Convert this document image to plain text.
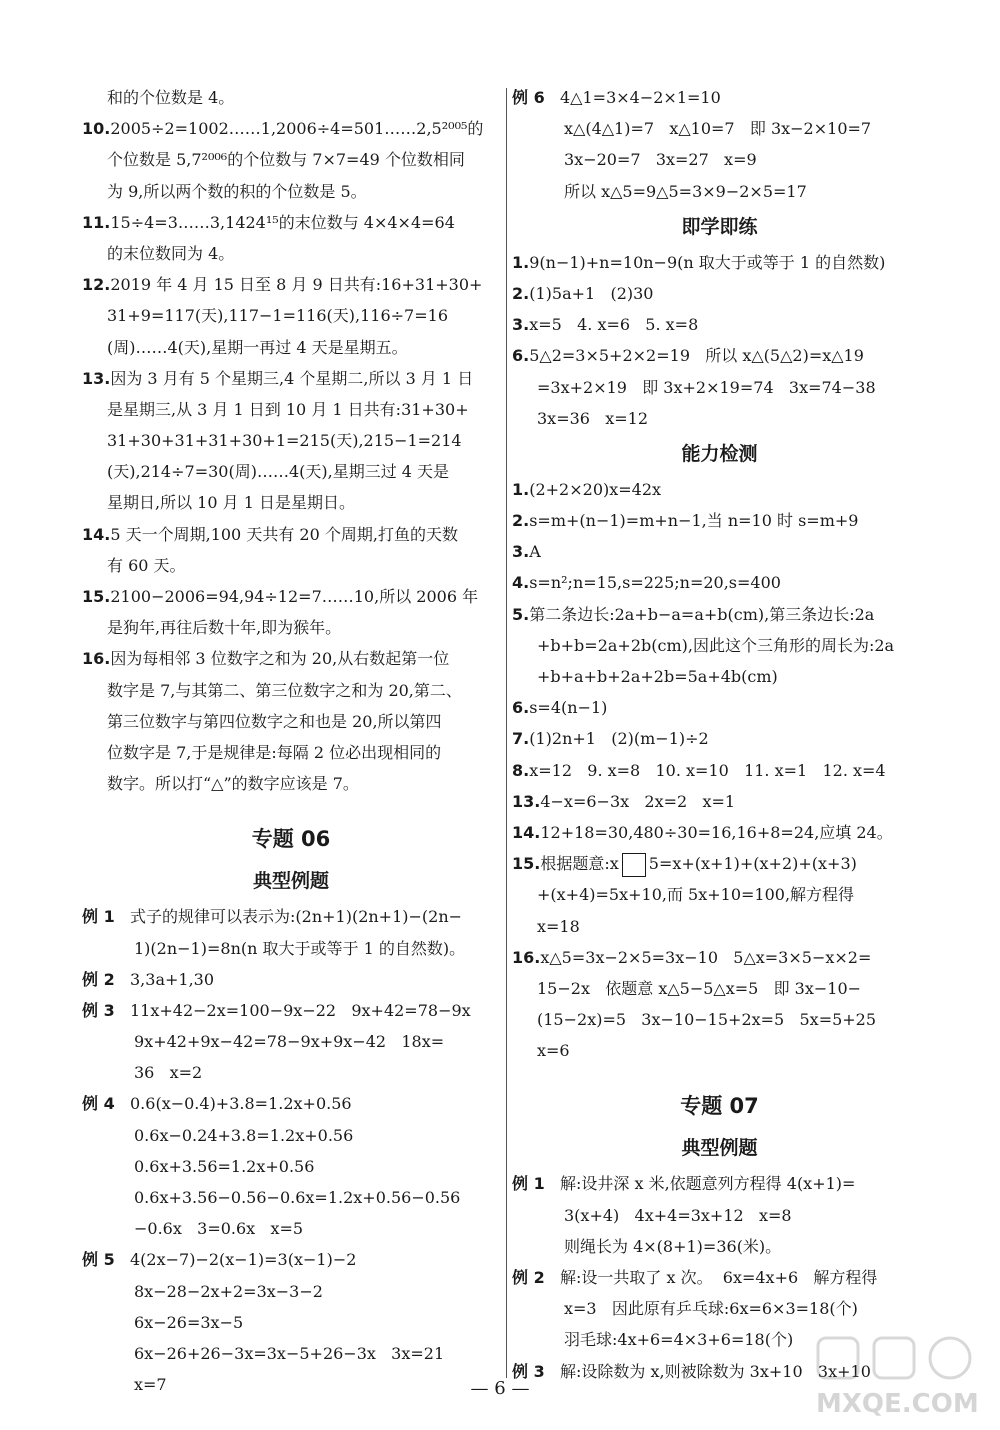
和的个位数是 4。
10.2005÷2=1002……1,2006÷4=501……2,5²⁰⁰⁵的
个位数是 5,7²⁰⁰⁶的个位数与 7×7=49 个位数相同
为 9,所以两个数的积的个位数是 5。
11.15÷4=3……3,1424¹⁵的末位数与 4×4×4=64
的末位数同为 4。
12.2019 年 4 月 15 日至 8 月 9 日共有:16+31+30+
31+9=117(天),117−1=116(天),116÷7=16
(周)……4(天),星期一再过 4 天是星期五。
13.因为 3 月有 5 个星期三,4 个星期二,所以 3 月 1 日
是星期三,从 3 月 1 日到 10 月 1 日共有:31+30+
31+30+31+31+30+1=215(天),215−1=214
(天),214÷7=30(周)……4(天),星期三过 4 天是
星期日,所以 10 月 1 日是星期日。
14.5 天一个周期,100 天共有 20 个周期,打鱼的天数
有 60 天。
15.2100−2006=94,94÷12=7……10,所以 2006 年
是狗年,再往后数十年,即为猴年。
16.因为每相邻 3 位数字之和为 20,从右数起第一位
数字是 7,与其第二、第三位数字之和为 20,第二、
第三位数字与第四位数字之和也是 20,所以第四
位数字是 7,于是规律是:每隔 2 位必出现相同的
数字。所以打“△”的数字应该是 7。
专题 06
典型例题
例 1 式子的规律可以表示为:(2n+1)(2n+1)−(2n−
1)(2n−1)=8n(n 取大于或等于 1 的自然数)。
例 2 3,3a+1,30
例 3 11x+42−2x=100−9x−22   9x+42=78−9x
9x+42+9x−42=78−9x+9x−42   18x=
36   x=2
例 4 0.6(x−0.4)+3.8=1.2x+0.56
0.6x−0.24+3.8=1.2x+0.56
0.6x+3.56=1.2x+0.56
0.6x+3.56−0.56−0.6x=1.2x+0.56−0.56
−0.6x   3=0.6x   x=5
例 5 4(2x−7)−2(x−1)=3(x−1)−2
8x−28−2x+2=3x−3−2
6x−26=3x−5
6x−26+26−3x=3x−5+26−3x   3x=21
x=7
例 6 4△1=3×4−2×1=10
x△(4△1)=7   x△10=7   即 3x−2×10=7
3x−20=7   3x=27   x=9
所以 x△5=9△5=3×9−2×5=17
即学即练
1.9(n−1)+n=10n−9(n 取大于或等于 1 的自然数)
2.(1)5a+1   (2)30
3.x=5   4. x=6   5. x=8
6.5△2=3×5+2×2=19   所以 x△(5△2)=x△19
=3x+2×19   即 3x+2×19=74   3x=74−38
3x=36   x=12
能力检测
1.(2+2×20)x=42x
2.s=m+(n−1)=m+n−1,当 n=10 时 s=m+9
3.A
4.s=n²;n=15,s=225;n=20,s=400
5.第二条边长:2a+b−a=a+b(cm),第三条边长:2a
+b+b=2a+2b(cm),因此这个三角形的周长为:2a
+b+a+b+2a+2b=5a+4b(cm)
6.s=4(n−1)
7.(1)2n+1   (2)(m−1)÷2
8.x=12   9. x=8   10. x=10   11. x=1   12. x=4
13.4−x=6−3x   2x=2   x=1
14.12+18=30,480÷30=16,16+8=24,应填 24。
15.根据题意:x 5=x+(x+1)+(x+2)+(x+3)
+(x+4)=5x+10,而 5x+10=100,解方程得
x=18
16.x△5=3x−2×5=3x−10   5△x=3×5−x×2=
15−2x   依题意 x△5−5△x=5   即 3x−10−
(15−2x)=5   3x−10−15+2x=5   5x=5+25
x=6
专题 07
典型例题
例 1 解:设井深 x 米,依题意列方程得 4(x+1)=
3(x+4)   4x+4=3x+12   x=8
则绳长为 4×(8+1)=36(米)。
例 2 解:设一共取了 x 次。  6x=4x+6   解方程得
x=3   因此原有乒乓球:6x=6×3=18(个)
羽毛球:4x+6=4×3+6=18(个)
例 3 解:设除数为 x,则被除数为 3x+10   3x+10
— 6 —
MXQE.COM
